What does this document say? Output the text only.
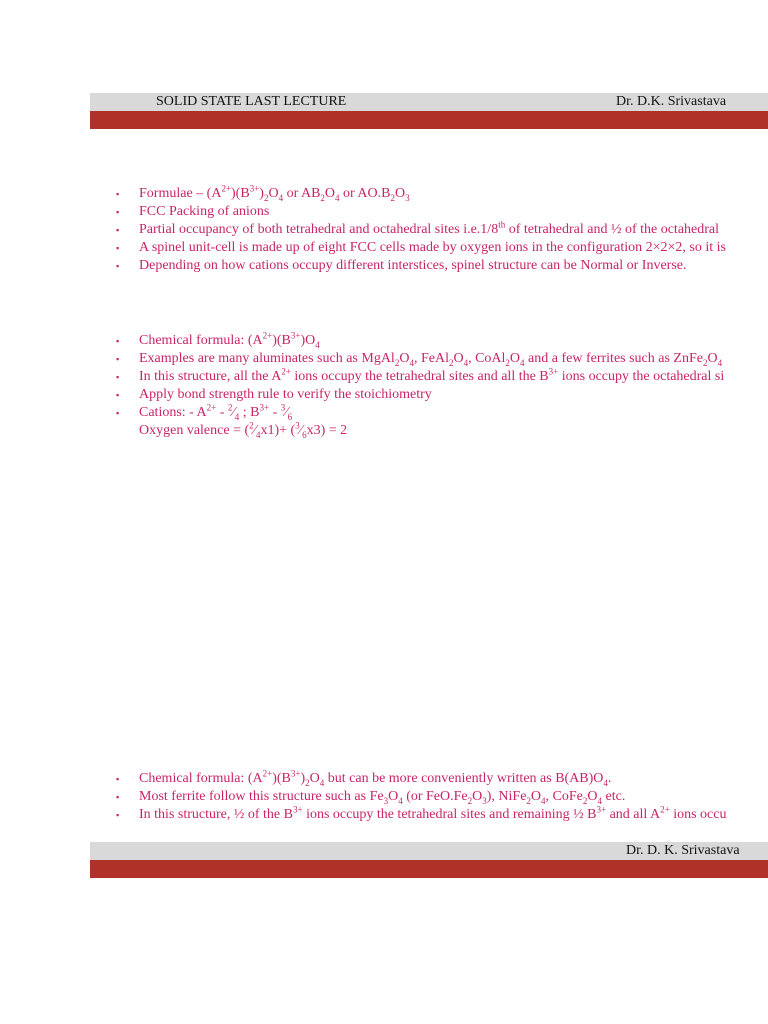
SOLID STATE LAST LECTURE	Dr. D.K. Srivastava
▪ Formulae – $(A^{2+})(B^{3+})_2O_4$ or $AB_2O_4$ or $AO.B_2O_3$
▪ FCC Packing of anions
▪ Partial occupancy of both tetrahedral and octahedral sites i.e.1/8th of tetrahedral and ½ of the octahedral
▪ A spinel unit-cell is made up of eight FCC cells made by oxygen ions in the configuration 2×2×2, so it is
▪ Depending on how cations occupy different interstices, spinel structure can be Normal or Inverse.
▪ Chemical formula: $(A^{2+})(B^{3+})O_4$
▪ Examples are many aluminates such as $MgAl_2O_4$, $FeAl_2O_4$, $CoAl_2O_4$ and a few ferrites such as $ZnFe_2O_4$
▪ In this structure, all the $A^{2+}$ ions occupy the tetrahedral sites and all the $B^{3+}$ ions occupy the octahedral si
▪ Apply bond strength rule to verify the stoichiometry
▪ Cations: - $A^{2+}$ - $^2⁄_4$ ; $B^{3+}$ - $^3⁄_6$
Oxygen valence = $(^2⁄_4x1)+$ $(^3⁄_6x3) = 2$
▪ Chemical formula: $(A^{2+})(B^{3+})_2O_4$ but can be more conveniently written as $B(AB)O_4$.
▪ Most ferrite follow this structure such as $Fe_3O_4$ (or $FeO.Fe_2O_3$), $NiFe_2O_4$, $CoFe_2O_4$ etc.
▪ In this structure, ½ of the $B^{3+}$ ions occupy the tetrahedral sites and remaining ½ $B^{3+}$ and all $A^{2+}$ ions occu
Dr. D. K. Srivastava
